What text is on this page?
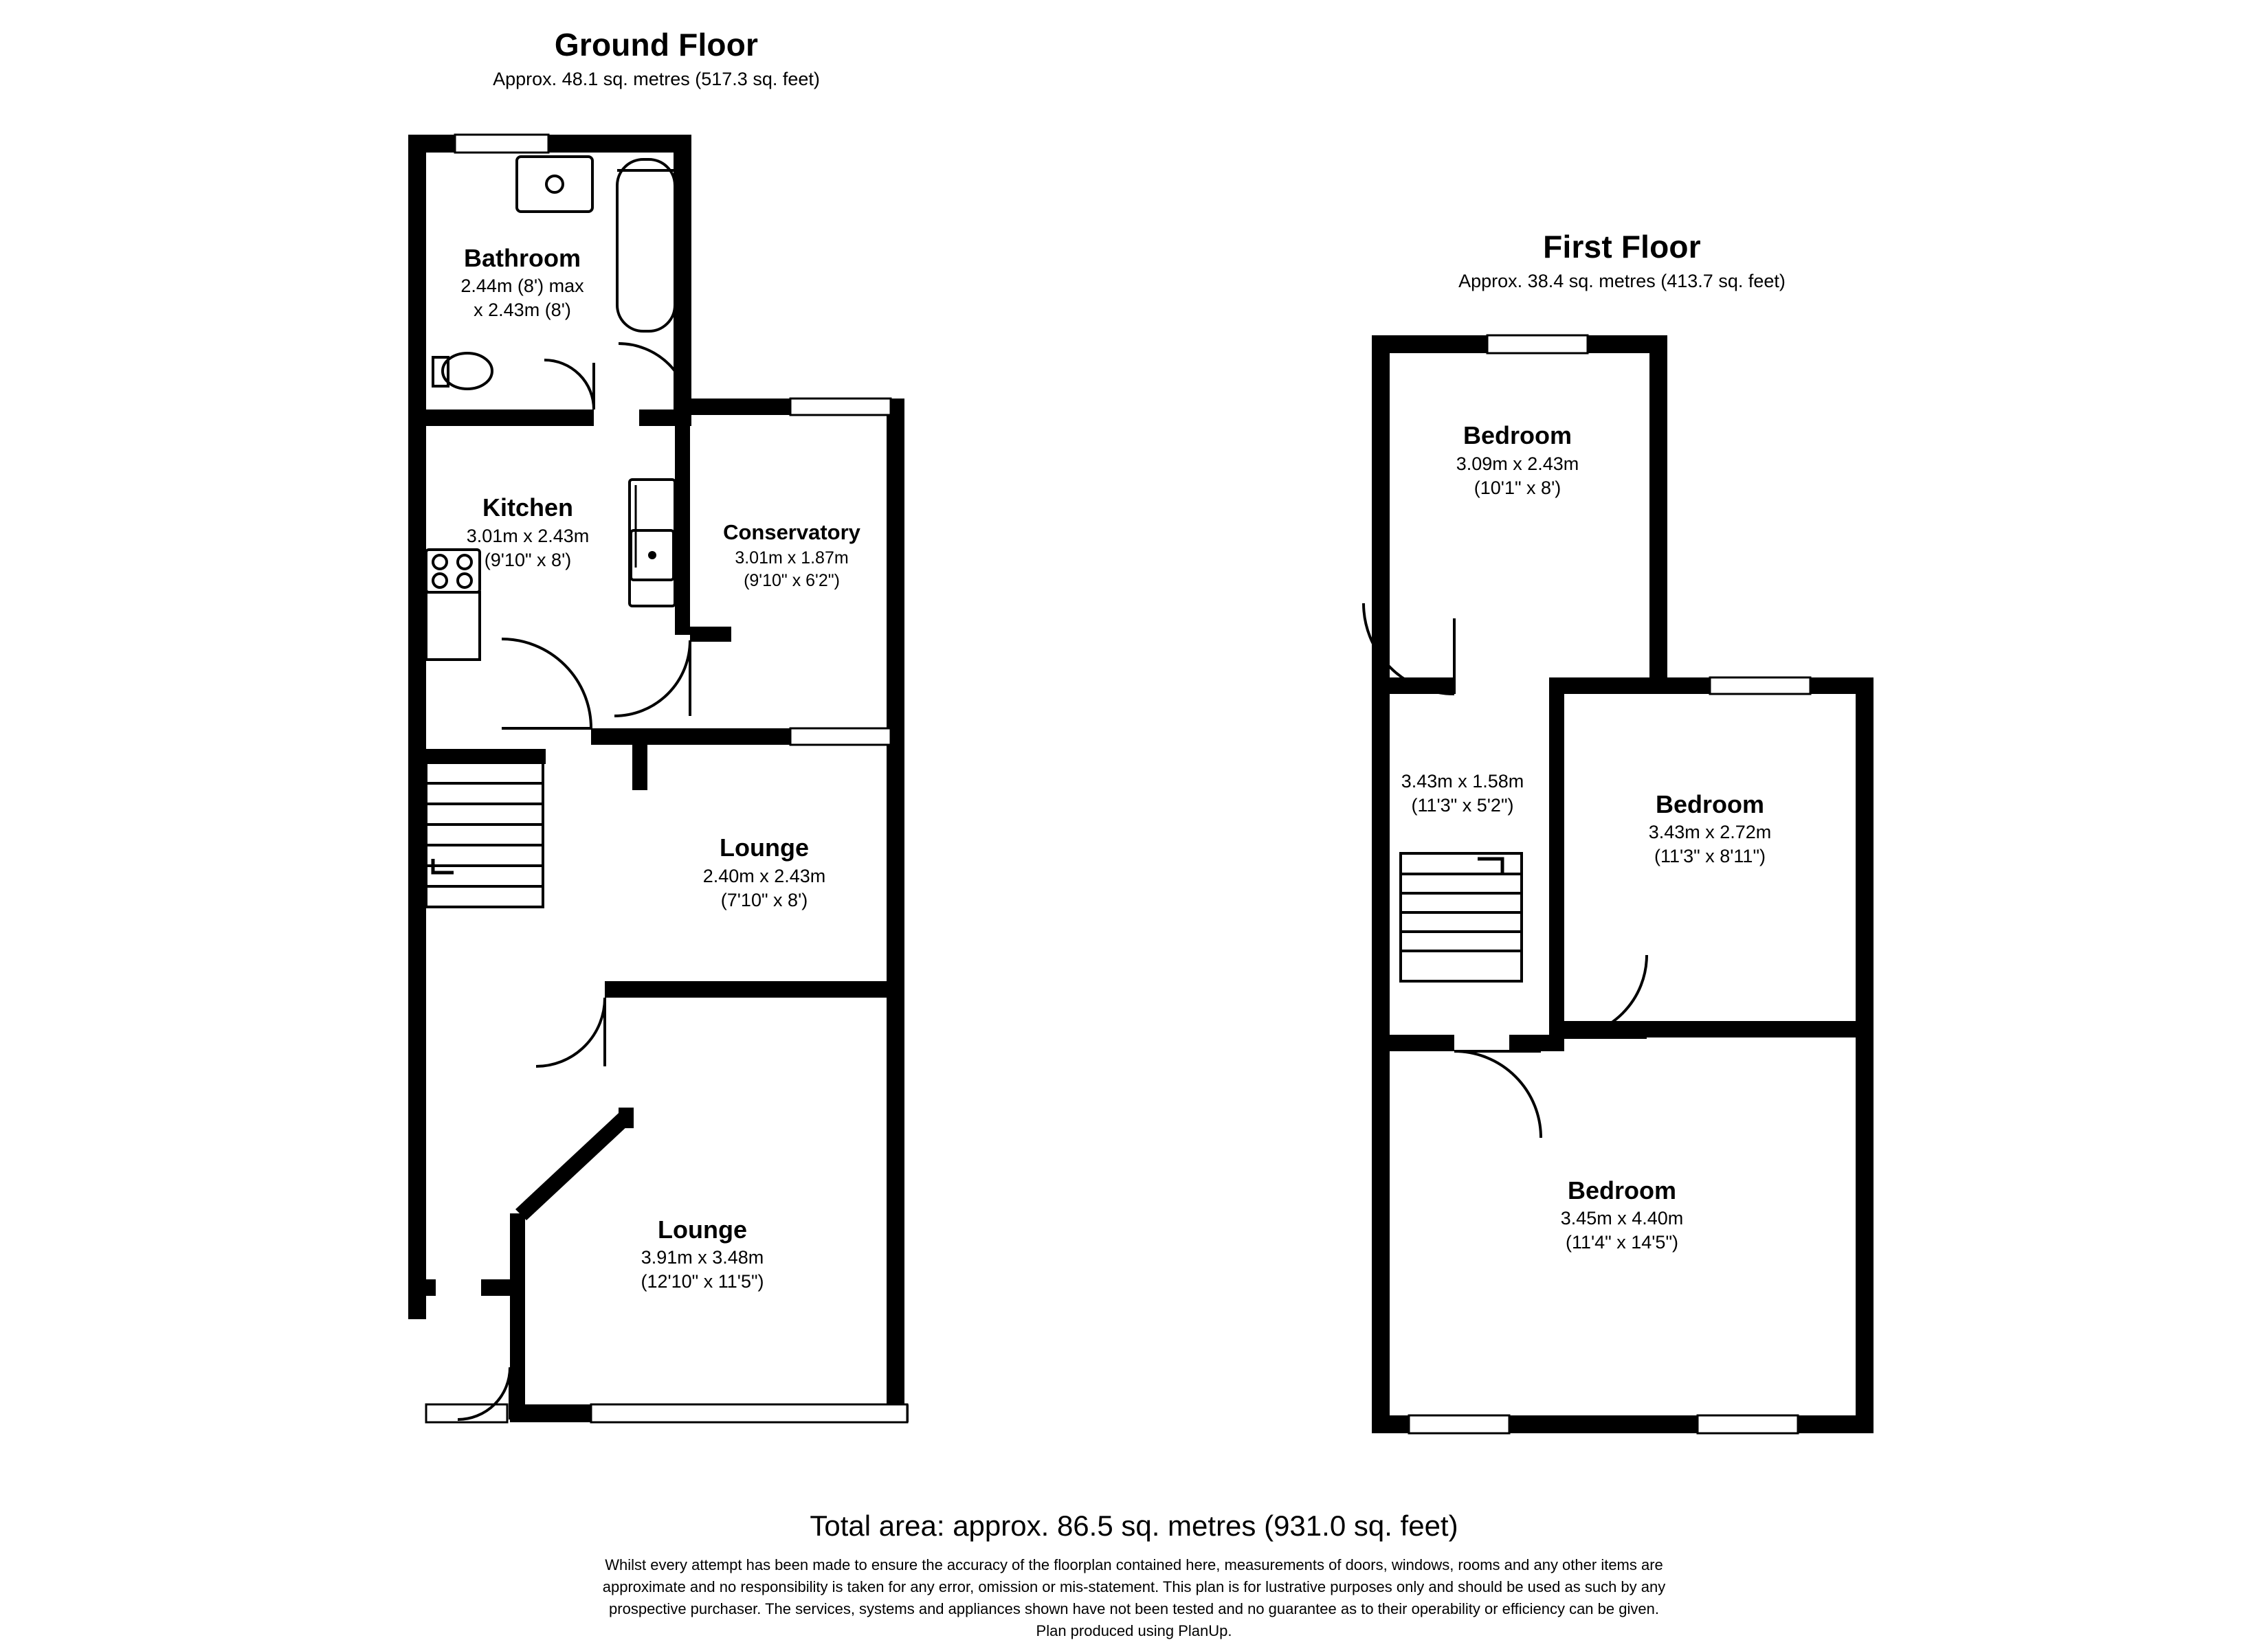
Ground Floor
Approx. 48.1 sq. metres (517.3 sq. feet)
First Floor
Approx. 38.4 sq. metres (413.7 sq. feet)
Bathroom
2.44m (8') max
x 2.43m (8')
Kitchen
3.01m x 2.43m
(9'10" x 8')
Conservatory
3.01m x 1.87m
(9'10" x 6'2")
Lounge
2.40m x 2.43m
(7'10" x 8')
Lounge
3.91m x 3.48m
(12'10" x 11'5")
Bedroom
3.09m x 2.43m
(10'1" x 8')
3.43m x 1.58m
(11'3" x 5'2")	Bedroom
3.43m x 2.72m
(11'3" x 8'11")
Bedroom
3.45m x 4.40m
(11'4" x 14'5")
Total area: approx. 86.5 sq. metres (931.0 sq. feet)
Whilst every attempt has been made to ensure the accuracy of the floorplan contained here, measurements of doors, windows, rooms and any other items are
approximate and no responsibility is taken for any error, omission or mis-statement. This plan is for lustrative purposes only and should be used as such by any
prospective purchaser. The services, systems and appliances shown have not been tested and no guarantee as to their operability or efficiency can be given.
Plan produced using PlanUp.
